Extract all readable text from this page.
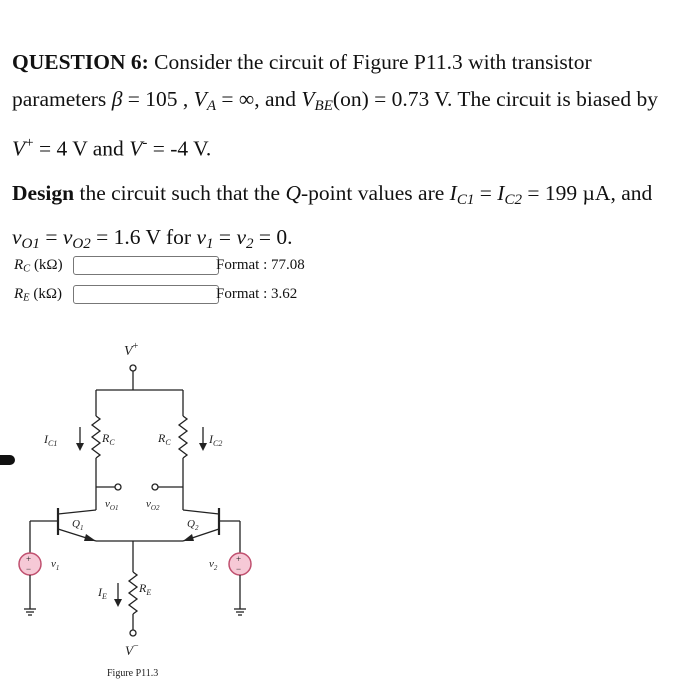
QUESTION 6: Consider the circuit of Figure P11.3 with transistor parameters β = 105 , $V_A$ = ∞, and $V_{BE}(on) = 0.73$ V. The circuit is biased by V+ = 4 V and V- = -4 V.

Design the circuit such that the Q-point values are $I_{C1} = I_{C2} = 199$ µA, and $v_{O1} = v_{O2} = 1.6$ V for $v_1 = v_2 = 0$.

$R_C$ (kΩ)	Format : 77.08
$R_E$ (kΩ)	Format : 3.62
V+
$R_C$
$I_{C1}$	$R_C$	$I_{C2}$
$v_{O1}$	$v_{O2}$
$Q_1$	$Q_2$
$R_E$
$I_E$
V−
+
− $v_1$
+
−
$v_2$
Figure P11.3
